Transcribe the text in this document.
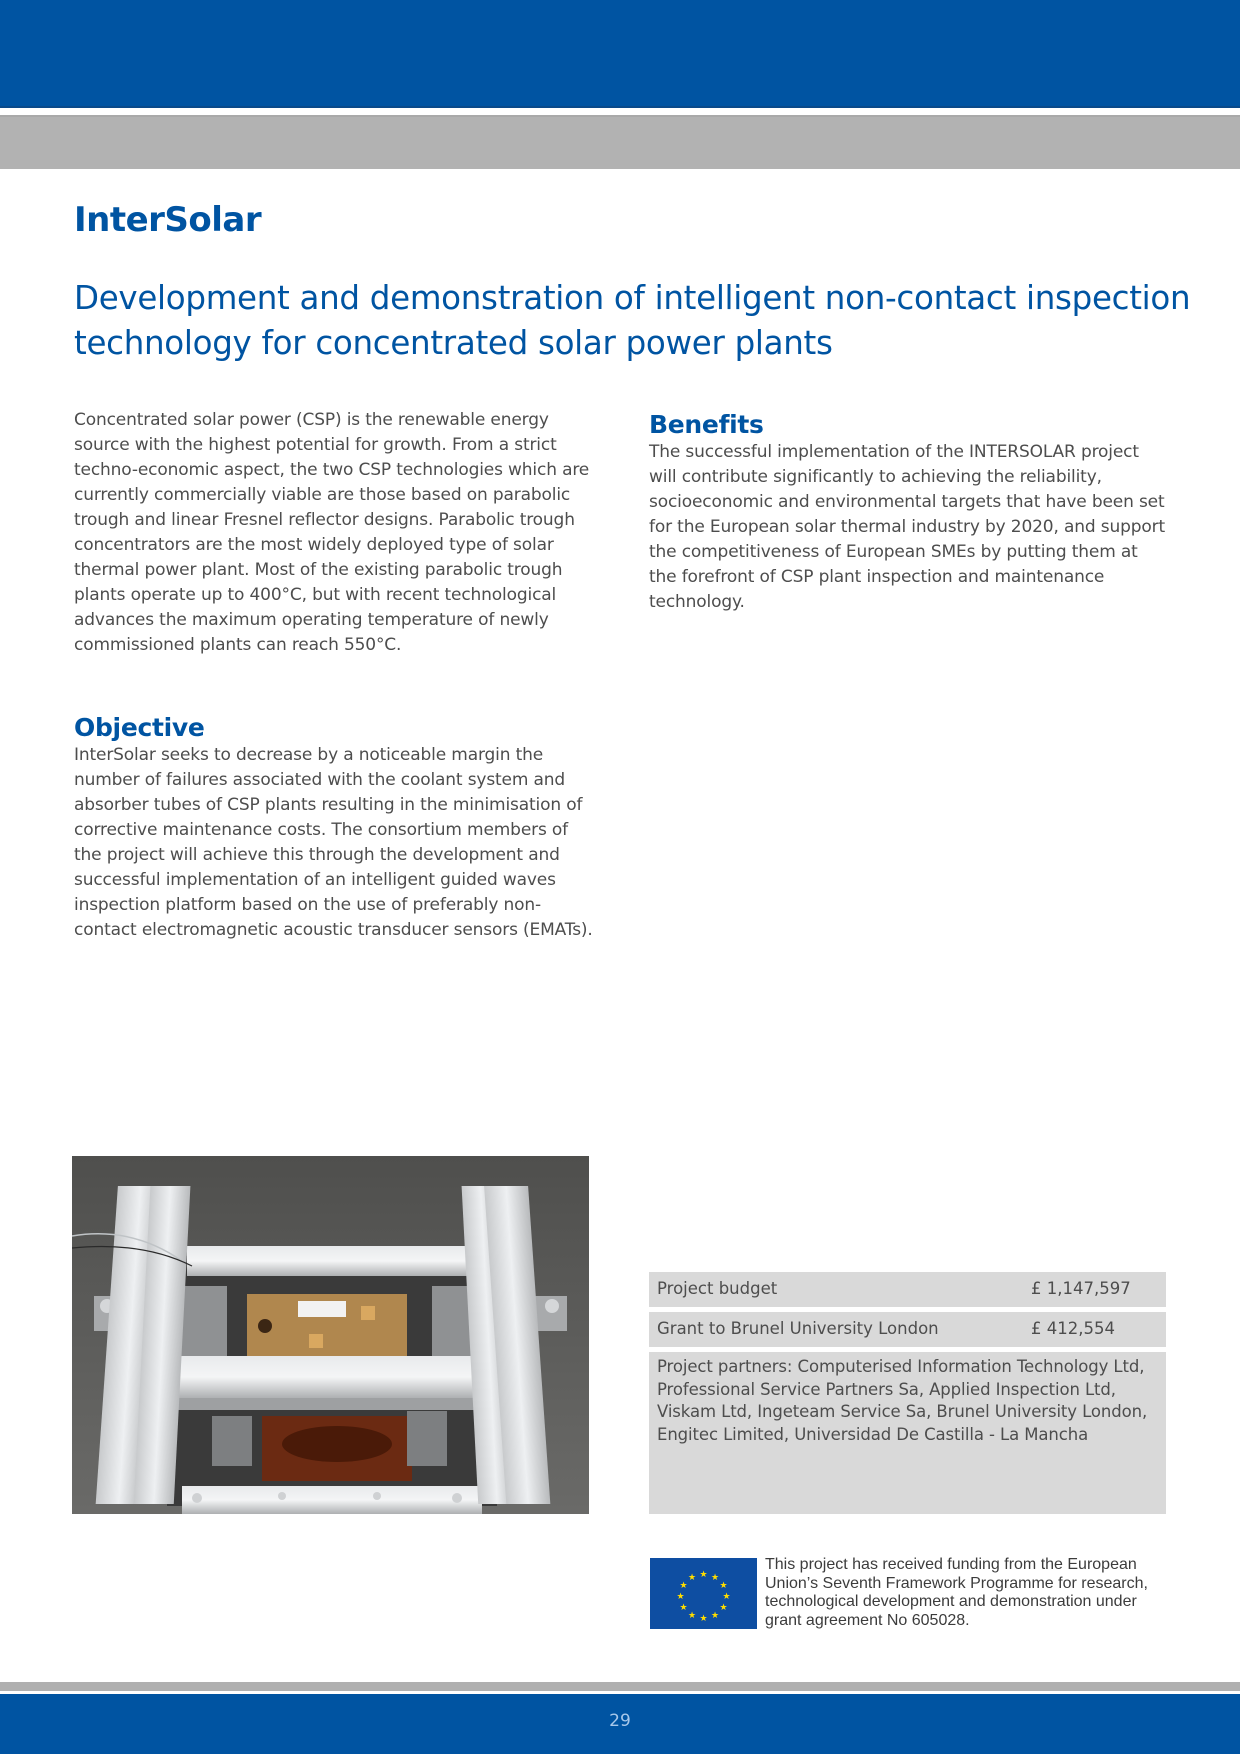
InterSolar
Development and demonstration of intelligent non-contact inspection technology for concentrated solar power plants

Concentrated solar power (CSP) is the renewable energy source with the highest potential for growth. From a strict techno-economic aspect, the two CSP technologies which are currently commercially viable are those based on parabolic trough and linear Fresnel reflector designs. Parabolic trough concentrators are the most widely deployed type of solar thermal power plant. Most of the existing parabolic trough plants operate up to 400°C, but with recent technological advances the maximum operating temperature of newly commissioned plants can reach 550°C.

Objective

InterSolar seeks to decrease by a noticeable margin the number of failures associated with the coolant system and absorber tubes of CSP plants resulting in the minimisation of corrective maintenance costs. The consortium members of the project will achieve this through the development and successful implementation of an intelligent guided waves inspection platform based on the use of preferably non-contact electromagnetic acoustic transducer sensors (EMATs).

Benefits

The successful implementation of the INTERSOLAR project will contribute significantly to achieving the reliability, socioeconomic and environmental targets that have been set for the European solar thermal industry by 2020, and support the competitiveness of European SMEs by putting them at the forefront of CSP plant inspection and maintenance technology.

Project budget	£ 1,147,597
Grant to Brunel University London	£ 412,554
Project partners: Computerised Information Technology Ltd, Professional Service Partners Sa, Applied Inspection Ltd, Viskam Ltd, Ingeteam Service Sa, Brunel University London, Engitec Limited, Universidad De Castilla - La Mancha
★ ★
★
★
★
★
★
★
★
★
★
★

This project has received funding from the European Union’s Seventh Framework Programme for research, technological development and demonstration under grant agreement No 605028.

29
